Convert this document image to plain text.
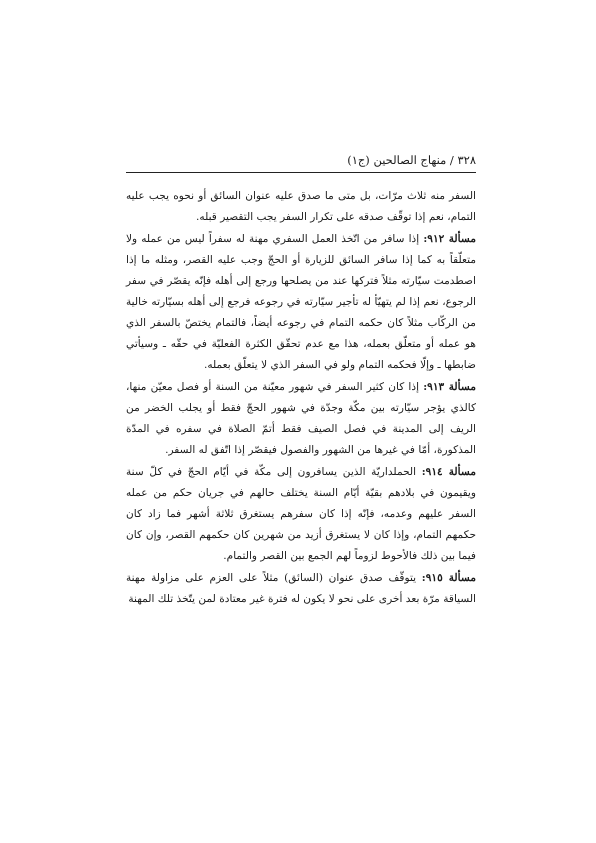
٣٢٨ / منهاج الصالحين (ج١)

السفر منه ثلاث مرّات، بل متى ما صدق عليه عنوان السائق أو نحوه يجب عليه التمام، نعم إذا توقّف صدقه على تكرار السفر يجب التقصير قبله.

مسألة ٩١٢: إذا سافر من اتّخذ العمل السفري مهنة له سفراً ليس من عمله ولا متعلّقاً به كما إذا سافر السائق للزيارة أو الحجّ وجب عليه القصر، ومثله ما إذا اصطدمت سيّارته مثلاً فتركها عند من يصلحها ورجع إلى أهله فإنّه يقصّر في سفر الرجوع، نعم إذا لم يتهيّأ له تأجير سيّارته في رجوعه فرجع إلى أهله بسيّارته خالية من الركّاب مثلاً كان حكمه التمام في رجوعه أيضاً، فالتمام يختصّ بالسفر الذي هو عمله أو متعلّق بعمله، هذا مع عدم تحقّق الكثرة الفعليّة في حقّه ـ وسيأتي ضابطها ـ وإلّا فحكمه التمام ولو في السفر الذي لا يتعلّق بعمله.

مسألة ٩١٣: إذا كان كثير السفر في شهور معيّنة من السنة أو فصل معيّن منها، كالذي يؤجر سيّارته بين مكّة وجدّة في شهور الحجّ فقط أو يجلب الخضر من الريف إلى المدينة في فصل الصيف فقط أتمّ الصلاة في سفره في المدّة المذكورة، أمّا في غيرها من الشهور والفصول فيقصّر إذا اتّفق له السفر.

مسألة ٩١٤: الحملداريّة الذين يسافرون إلى مكّة في أيّام الحجّ في كلّ سنة ويقيمون في بلادهم بقيّة أيّام السنة يختلف حالهم في جريان حكم من عمله السفر عليهم وعدمه، فإنّه إذا كان سفرهم يستغرق ثلاثة أشهر فما زاد كان حكمهم التمام، وإذا كان لا يستغرق أزيد من شهرين كان حكمهم القصر، وإن كان فيما بين ذلك فالأحوط لزوماً لهم الجمع بين القصر والتمام.

مسألة ٩١٥: يتوقّف صدق عنوان (السائق) مثلاً على العزم على مزاولة مهنة السياقة مرّة بعد أخرى على نحو لا يكون له فترة غير معتادة لمن يتّخذ تلك المهنة
